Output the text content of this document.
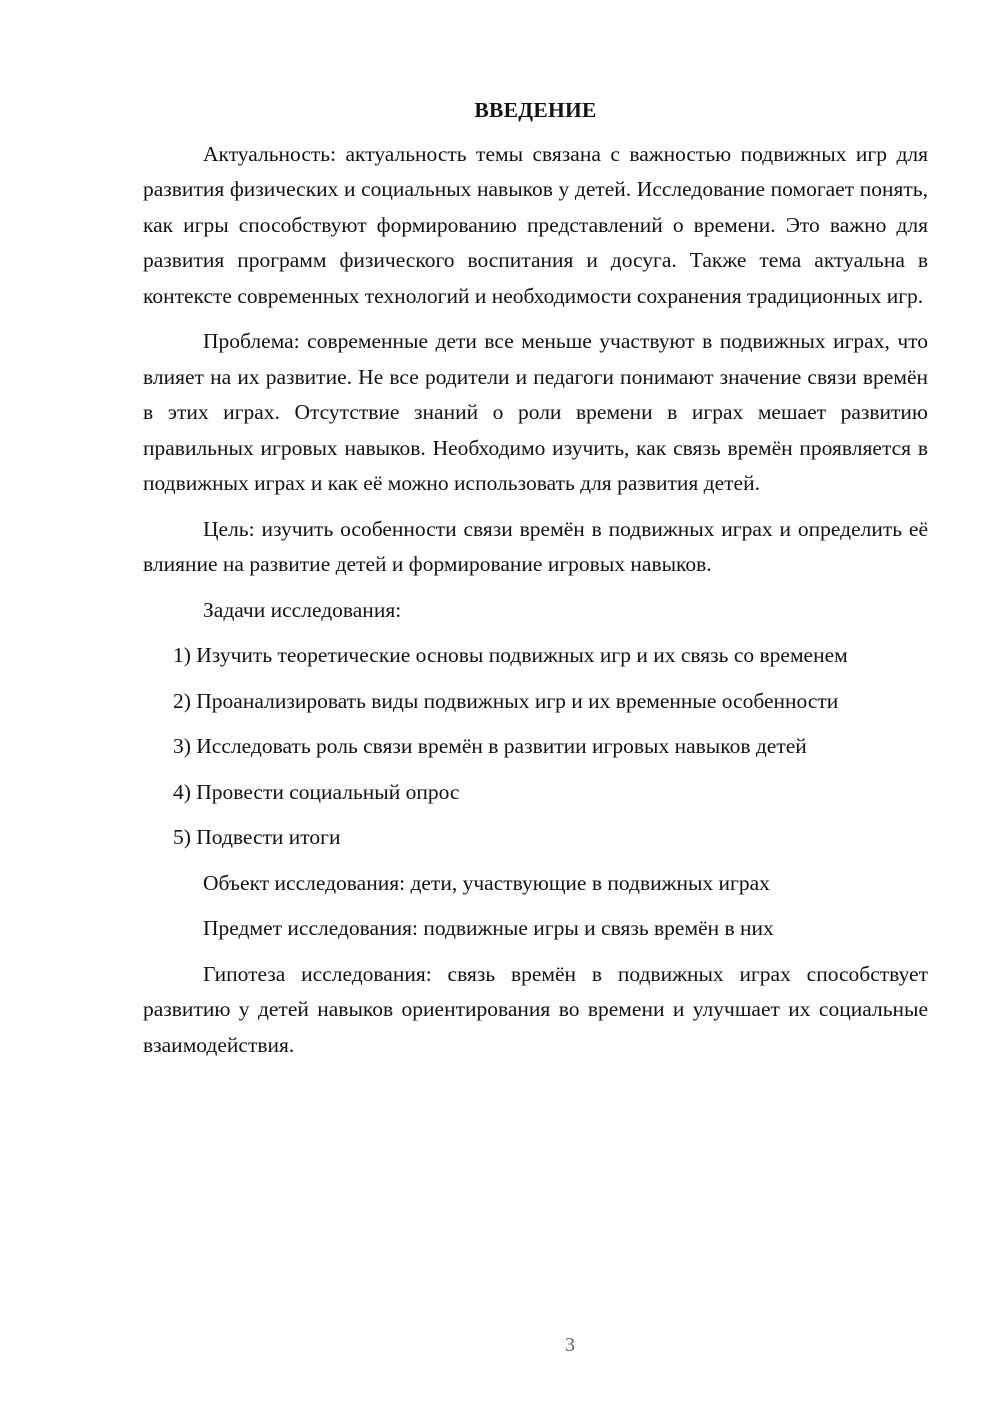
ВВЕДЕНИЕ

Актуальность: актуальность темы связана с важностью подвижных игр для развития физических и социальных навыков у детей. Исследование помогает понять, как игры способствуют формированию представлений о времени. Это важно для развития программ физического воспитания и досуга. Также тема актуальна в контексте современных технологий и необходимости сохранения традиционных игр.

Проблема: современные дети все меньше участвуют в подвижных играх, что влияет на их развитие. Не все родители и педагоги понимают значение связи времён в этих играх. Отсутствие знаний о роли времени в играх мешает развитию правильных игровых навыков. Необходимо изучить, как связь времён проявляется в подвижных играх и как её можно использовать для развития детей.

Цель: изучить особенности связи времён в подвижных играх и определить её влияние на развитие детей и формирование игровых навыков.

Задачи исследования:

1) Изучить теоретические основы подвижных игр и их связь со временем

2) Проанализировать виды подвижных игр и их временные особенности

3) Исследовать роль связи времён в развитии игровых навыков детей

4) Провести социальный опрос

5) Подвести итоги

Объект исследования: дети, участвующие в подвижных играх

Предмет исследования: подвижные игры и связь времён в них

Гипотеза исследования: связь времён в подвижных играх способствует развитию у детей навыков ориентирования во времени и улучшает их социальные взаимодействия.

3
